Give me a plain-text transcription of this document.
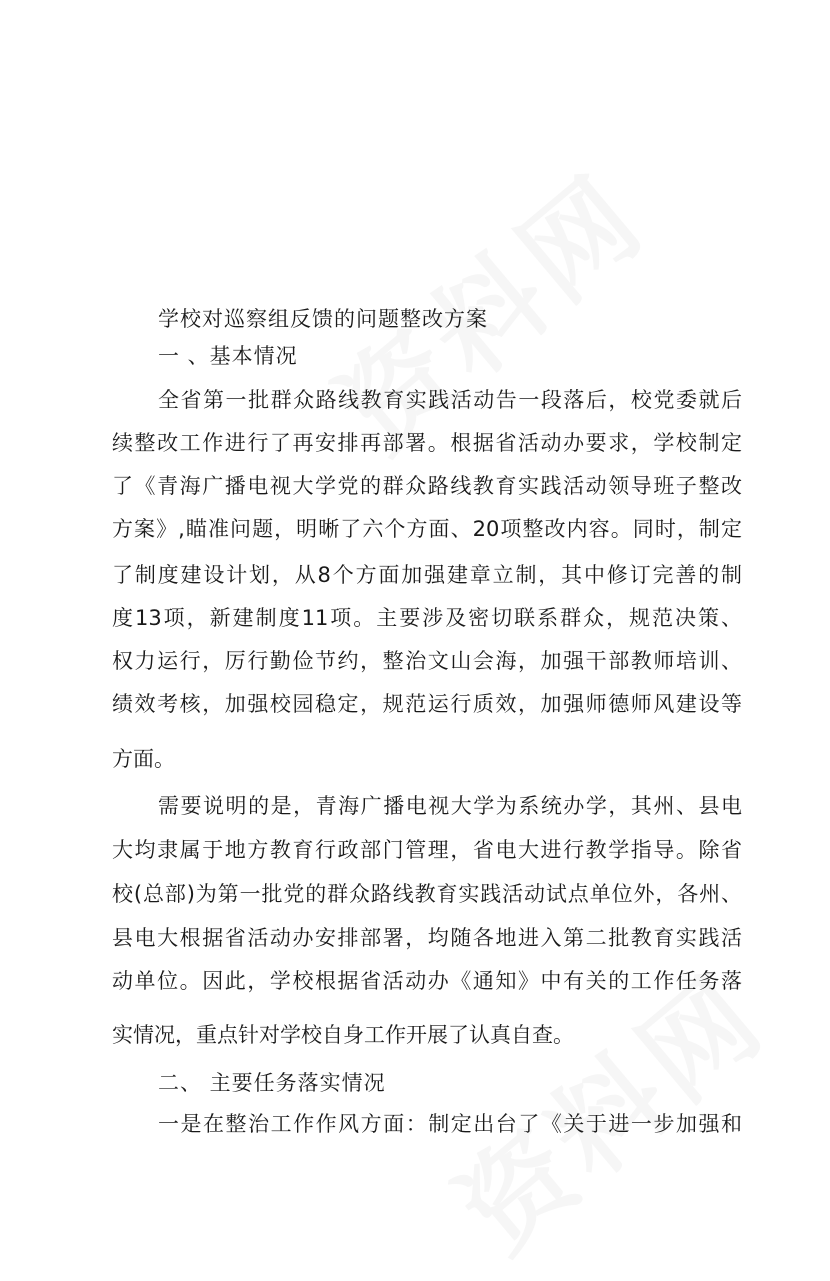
学校对巡察组反馈的问题整改方案
一 、基本情况
全省第一批群众路线教育实践活动告一段落后，校党委就后
续整改工作进行了再安排再部署。根据省活动办要求，学校制定
了《青海广播电视大学党的群众路线教育实践活动领导班子整改
方案》,瞄准问题，明晰了六个方面、20项整改内容。同时，制定
了制度建设计划，从8个方面加强建章立制，其中修订完善的制
度13项，新建制度11项。主要涉及密切联系群众，规范决策、
权力运行，厉行勤俭节约，整治文山会海，加强干部教师培训、
绩效考核，加强校园稳定，规范运行质效，加强师德师风建设等
方面。
需要说明的是，青海广播电视大学为系统办学，其州、县电
大均隶属于地方教育行政部门管理，省电大进行教学指导。除省
校(总部)为第一批党的群众路线教育实践活动试点单位外，各州、
县电大根据省活动办安排部署，均随各地进入第二批教育实践活
动单位。因此，学校根据省活动办《通知》中有关的工作任务落
实情况，重点针对学校自身工作开展了认真自查。
二、 主要任务落实情况
一是在整治工作作风方面：制定出台了《关于进一步加强和
